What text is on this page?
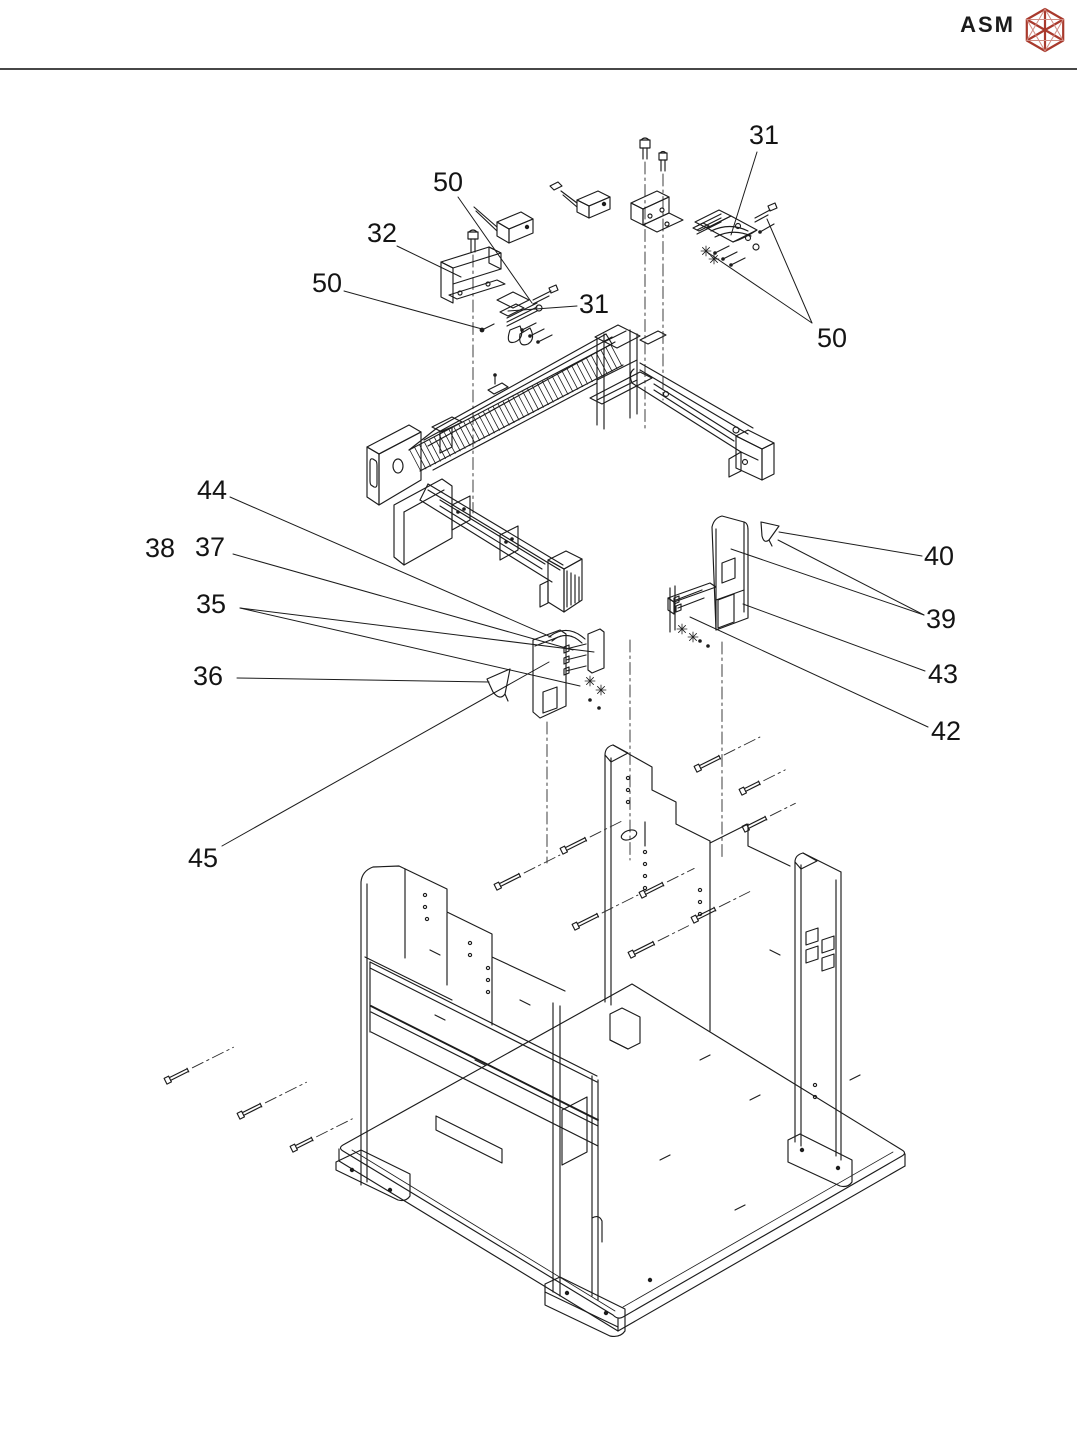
ASM
50
32
50
31
31
50
44
38 37
35
36
45
40
39
43
42
